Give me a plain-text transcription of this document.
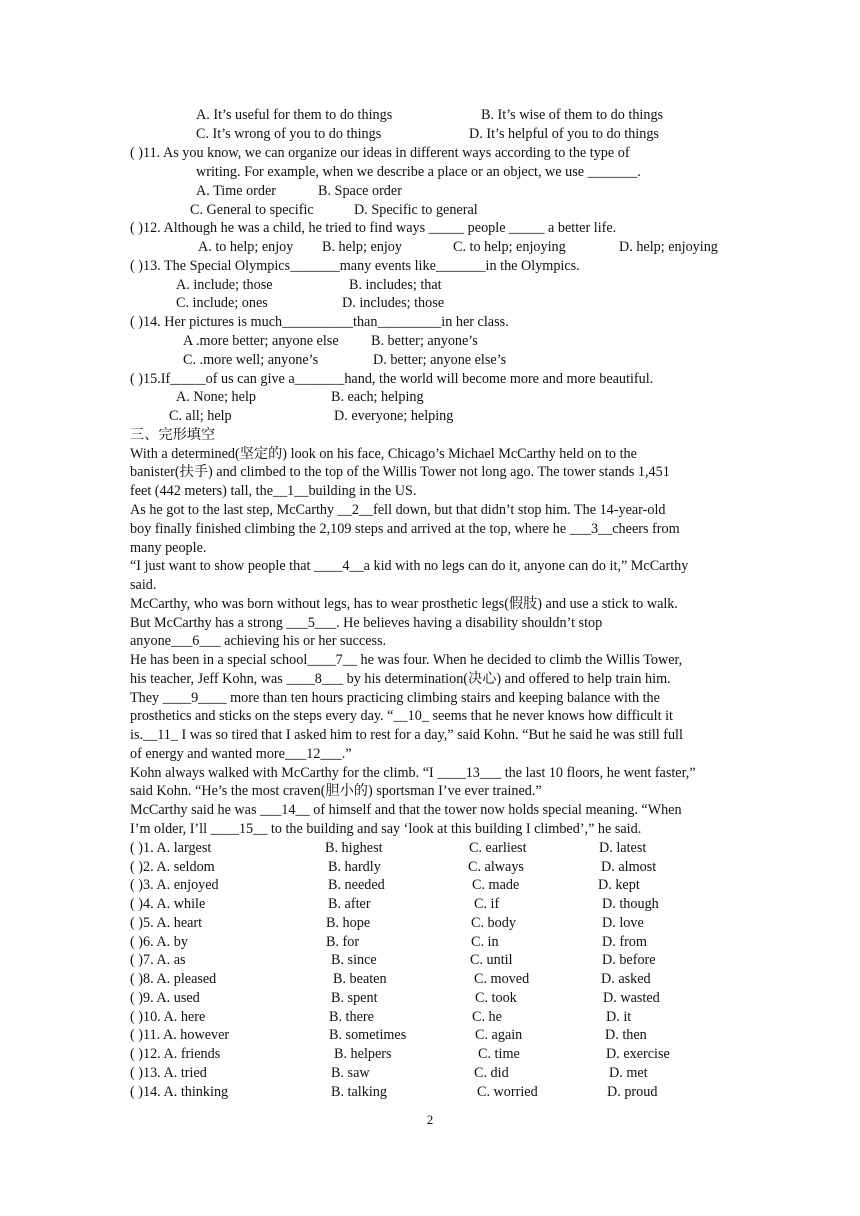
A. It’s useful for them to do things	B. It’s wise of them to do things
C. It’s wrong of you to do things	D. It’s helpful of you to do things
( )11. As you know, we can organize our ideas in different ways according to the type of
writing. For example, when we describe a place or an object, we use _______.
A. Time order	B. Space order
C. General to specific	D. Specific to general
( )12. Although he was a child, he tried to find ways _____ people _____ a better life.
A. to help; enjoy B. help; enjoy	C. to help; enjoying	D. help; enjoying
( )13. The Special Olympics_______many events like_______in the Olympics.
A. include; those	B. includes; that
C. include; ones	D. includes; those
( )14. Her pictures is much__________than_________in her class.
A .more better; anyone else B. better; anyone’s
C. .more well; anyone’s	D. better; anyone else’s
( )15.If_____of us can give a_______hand, the world will become more and more beautiful.
A. None; help	B. each; helping
C. all; help	D. everyone; helping
三、完形填空
With a determined(坚定的) look on his face, Chicago’s Michael McCarthy held on to the
banister(扶手) and climbed to the top of the Willis Tower not long ago. The tower stands 1,451
feet (442 meters) tall, the__1__building in the US.
As he got to the last step, McCarthy __2__fell down, but that didn’t stop him. The 14-year-old
boy finally finished climbing the 2,109 steps and arrived at the top, where he ___3__cheers from
many people.
“I just want to show people that ____4__a kid with no legs can do it, anyone can do it,” McCarthy
said.
McCarthy, who was born without legs, has to wear prosthetic legs(假肢) and use a stick to walk.
But McCarthy has a strong ___5___. He believes having a disability shouldn’t stop
anyone___6___ achieving his or her success.
He has been in a special school____7__ he was four. When he decided to climb the Willis Tower,
his teacher, Jeff Kohn, was ____8___ by his determination(决心) and offered to help train him.
They ____9____ more than ten hours practicing climbing stairs and keeping balance with the
prosthetics and sticks on the steps every day. “__10_ seems that he never knows how difficult it
is.__11_ I was so tired that I asked him to rest for a day,” said Kohn. “But he said he was still full
of energy and wanted more___12___.”
Kohn always walked with McCarthy for the climb. “I ____13___ the last 10 floors, he went faster,”
said Kohn. “He’s the most craven(胆小的) sportsman I’ve ever trained.”
McCarthy said he was ___14__ of himself and that the tower now holds special meaning. “When
I’m older, I’ll ____15__ to the building and say ‘look at this building I climbed’,” he said.
( )1. A. largest	B. highest	C. earliest	D. latest
( )2. A. seldom	B. hardly	C. always	D. almost
( )3. A. enjoyed	B. needed	C. made	D. kept
( )4. A. while	B. after	C. if	D. though
( )5. A. heart	B. hope	C. body	D. love
( )6. A. by	B. for	C. in	D. from
( )7. A. as	B. since	C. until	D. before
( )8. A. pleased	B. beaten	C. moved	D. asked
( )9. A. used	B. spent	C. took	D. wasted
( )10. A. here	B. there	C. he	D. it
( )11. A. however	B. sometimes	C. again	D. then
( )12. A. friends	B. helpers	C. time	D. exercise
( )13. A. tried	B. saw	C. did	D. met
( )14. A. thinking	B. talking	C. worried	D. proud
2
